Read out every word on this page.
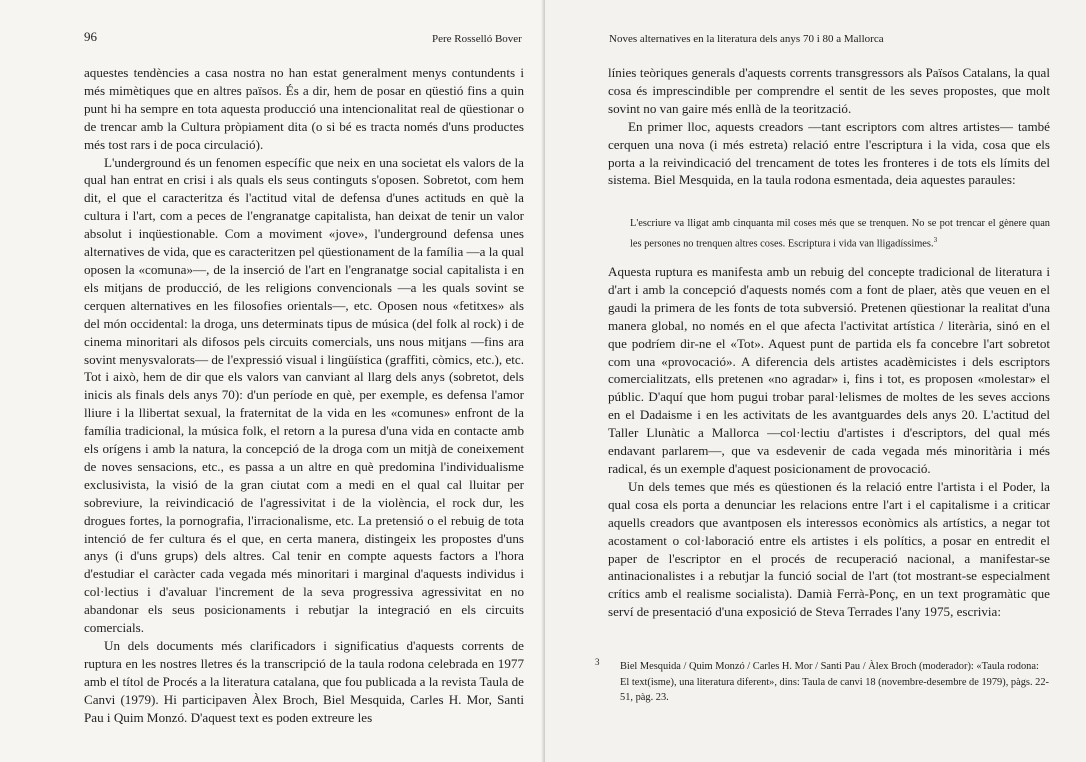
96	Pere Rosselló Bover

aquestes tendències a casa nostra no han estat generalment menys contundents i més mimètiques que en altres països. És a dir, hem de posar en qüestió fins a quin punt hi ha sempre en tota aquesta producció una intencionalitat real de qüestionar o de trencar amb la Cultura pròpiament dita (o si bé es tracta només d'uns productes més tost rars i de poca circulació).

L'underground és un fenomen específic que neix en una societat els valors de la qual han entrat en crisi i als quals els seus continguts s'oposen. Sobretot, com hem dit, el que el caracteritza és l'actitud vital de defensa d'unes actituds en què la cultura i l'art, com a peces de l'engranatge capitalista, han deixat de tenir un valor absolut i inqüestionable. Com a moviment «jove», l'underground defensa unes alternatives de vida, que es caracteritzen pel qüestionament de la família —a la qual oposen la «comuna»—, de la inserció de l'art en l'engranatge social capitalista i en els mitjans de producció, de les religions convencionals —a les quals sovint se cerquen alternatives en les filosofies orientals—, etc. Oposen nous «fetitxes» als del món occidental: la droga, uns determinats tipus de música (del folk al rock) i de cinema minoritari als difosos pels circuits comercials, uns nous mitjans —fins ara sovint menysvalorats— de l'expressió visual i lingüística (graffiti, còmics, etc.), etc. Tot i això, hem de dir que els valors van canviant al llarg dels anys (sobretot, dels inicis als finals dels anys 70): d'un període en què, per exemple, es defensa l'amor lliure i la llibertat sexual, la fraternitat de la vida en les «comunes» enfront de la família tradicional, la música folk, el retorn a la puresa d'una vida en contacte amb els orígens i amb la natura, la concepció de la droga com un mitjà de coneixement de noves sensacions, etc., es passa a un altre en què predomina l'individualisme exclusivista, la visió de la gran ciutat com a medi en el qual cal lluitar per sobreviure, la reivindicació de l'agressivitat i de la violència, el rock dur, les drogues fortes, la pornografia, l'irracionalisme, etc. La pretensió o el rebuig de tota intenció de fer cultura és el que, en certa manera, distingeix les propostes d'uns anys (i d'uns grups) dels altres. Cal tenir en compte aquests factors a l'hora d'estudiar el caràcter cada vegada més minoritari i marginal d'aquests individus i col·lectius i d'avaluar l'increment de la seva progressiva agressivitat en no abandonar els seus posicionaments i rebutjar la integració en els circuits comercials.

Un dels documents més clarificadors i significatius d'aquests corrents de ruptura en les nostres lletres és la transcripció de la taula rodona celebrada en 1977 amb el títol de Procés a la literatura catalana, que fou publicada a la revista Taula de Canvi (1979). Hi participaven Àlex Broch, Biel Mesquida, Carles H. Mor, Santi Pau i Quim Monzó. D'aquest text es poden extreure les

Noves alternatives en la literatura dels anys 70 i 80 a Mallorca

línies teòriques generals d'aquests corrents transgressors als Països Catalans, la qual cosa és imprescindible per comprendre el sentit de les seves propostes, que molt sovint no van gaire més enllà de la teorització.

En primer lloc, aquests creadors —tant escriptors com altres artistes— també cerquen una nova (i més estreta) relació entre l'escriptura i la vida, cosa que els porta a la reivindicació del trencament de totes les fronteres i de tots els límits del sistema. Biel Mesquida, en la taula rodona esmentada, deia aquestes paraules:

L'escriure va lligat amb cinquanta mil coses més que se trenquen. No se pot trencar el gènere quan les persones no trenquen altres coses. Escriptura i vida van lligadíssimes.$^3$

Aquesta ruptura es manifesta amb un rebuig del concepte tradicional de literatura i d'art i amb la concepció d'aquests només com a font de plaer, atès que veuen en el gaudi la primera de les fonts de tota subversió. Pretenen qüestionar la realitat d'una manera global, no només en el que afecta l'activitat artística / literària, sinó en el que podríem dir-ne el «Tot». Aquest punt de partida els fa concebre l'art sobretot com una «provocació». A diferencia dels artistes acadèmicistes i dels escriptors comercialitzats, ells pretenen «no agradar» i, fins i tot, es proposen «molestar» el públic. D'aquí que hom pugui trobar paral·lelismes de moltes de les seves accions en el Dadaisme i en les activitats de les avantguardes dels anys 20. L'actitud del Taller Llunàtic a Mallorca —col·lectiu d'artistes i d'escriptors, del qual més endavant parlarem—, que va esdevenir de cada vegada més minoritària i més radical, és un exemple d'aquest posicionament de provocació.

Un dels temes que més es qüestionen és la relació entre l'artista i el Poder, la qual cosa els porta a denunciar les relacions entre l'art i el capitalisme i a criticar aquells creadors que avantposen els interessos econòmics als artístics, a negar tot acostament o col·laboració entre els artistes i els polítics, a posar en entredit el paper de l'escriptor en el procés de recuperació nacional, a manifestar-se antinacionalistes i a rebutjar la funció social de l'art (tot mostrant-se especialment crítics amb el realisme socialista). Damià Ferrà-Ponç, en un text programàtic que serví de presentació d'una exposició de Steva Terrades l'any 1975, escrivia:

3 Biel Mesquida / Quim Monzó / Carles H. Mor / Santi Pau / Àlex Broch (moderador): «Taula rodona: El text(isme), una literatura diferent», dins: Taula de canvi 18 (novembre-desembre de 1979), pàgs. 22-51, pàg. 23.
